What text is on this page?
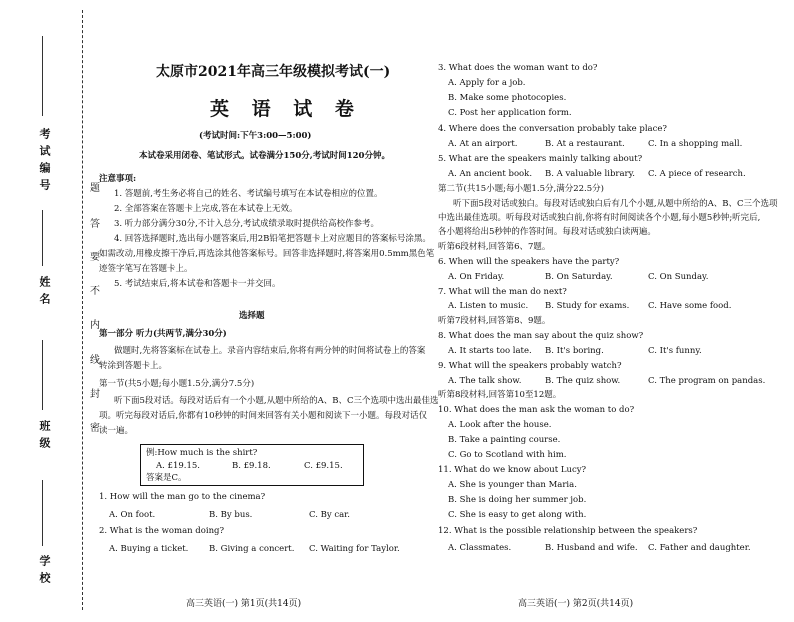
考试编号
姓名
班级
学校
题
答
要
不
内
线
封
密
太原市2021年高三年级模拟考试(一)
英 语 试 卷
(考试时间:下午3:00—5:00)
本试卷采用闭卷、笔试形式。试卷满分150分,考试时间120分钟。
注意事项:
1. 答题前,考生务必将自己的姓名、考试编号填写在本试卷相应的位置。
2. 全部答案在答题卡上完成,答在本试卷上无效。
3. 听力部分满分30分,不计入总分,考试成绩录取时提供给高校作参考。
4. 回答选择题时,选出每小题答案后,用2B铅笔把答题卡上对应题目的答案标号涂黑。
如需改动,用橡皮擦干净后,再选涂其他答案标号。回答非选择题时,将答案用0.5mm黑色笔
迹签字笔写在答题卡上。
5. 考试结束后,将本试卷和答题卡一并交回。
选择题
第一部分 听力(共两节,满分30分)
做题时,先将答案标在试卷上。录音内容结束后,你将有两分钟的时间将试卷上的答案
转涂到答题卡上。
第一节(共5小题;每小题1.5分,满分7.5分)
听下面5段对话。每段对话后有一个小题,从题中所给的A、B、C三个选项中选出最佳选
项。听完每段对话后,你都有10秒钟的时间来回答有关小题和阅读下一小题。每段对话仅
读一遍。
例:How much is the shirt?
A. £19.15.	B. £9.18.	C. £9.15.
答案是C。
1. How will the man go to the cinema?
A. On foot.	B. By bus.	C. By car.
2. What is the woman doing?
A. Buying a ticket. B. Giving a concert. C. Waiting for Taylor.
高三英语(一) 第1页(共14页)
3. What does the woman want to do?
A. Apply for a job.
B. Make some photocopies.
C. Post her application form.
4. Where does the conversation probably take place?
A. At an airport.	B. At a restaurant.	C. In a shopping mall.
5. What are the speakers mainly talking about?
A. An ancient book. B. A valuable library. C. A piece of research.
第二节(共15小题;每小题1.5分,满分22.5分)
听下面5段对话或独白。每段对话或独白后有几个小题,从题中所给的A、B、C三个选项
中选出最佳选项。听每段对话或独白前,你将有时间阅读各个小题,每小题5秒钟;听完后,
各小题将给出5秒钟的作答时间。每段对话或独白读两遍。
听第6段材料,回答第6、7题。
6. When will the speakers have the party?
A. On Friday.	B. On Saturday.	C. On Sunday.
7. What will the man do next?
A. Listen to music. B. Study for exams. C. Have some food.
听第7段材料,回答第8、9题。
8. What does the man say about the quiz show?
A. It starts too late. B. It's boring.	C. It's funny.
9. What will the speakers probably watch?
A. The talk show.	B. The quiz show.	C. The program on pandas.
听第8段材料,回答第10至12题。
10. What does the man ask the woman to do?
A. Look after the house.
B. Take a painting course.
C. Go to Scotland with him.
11. What do we know about Lucy?
A. She is younger than Maria.
B. She is doing her summer job.
C. She is easy to get along with.
12. What is the possible relationship between the speakers?
A. Classmates.	B. Husband and wife. C. Father and daughter.
高三英语(一) 第2页(共14页)
